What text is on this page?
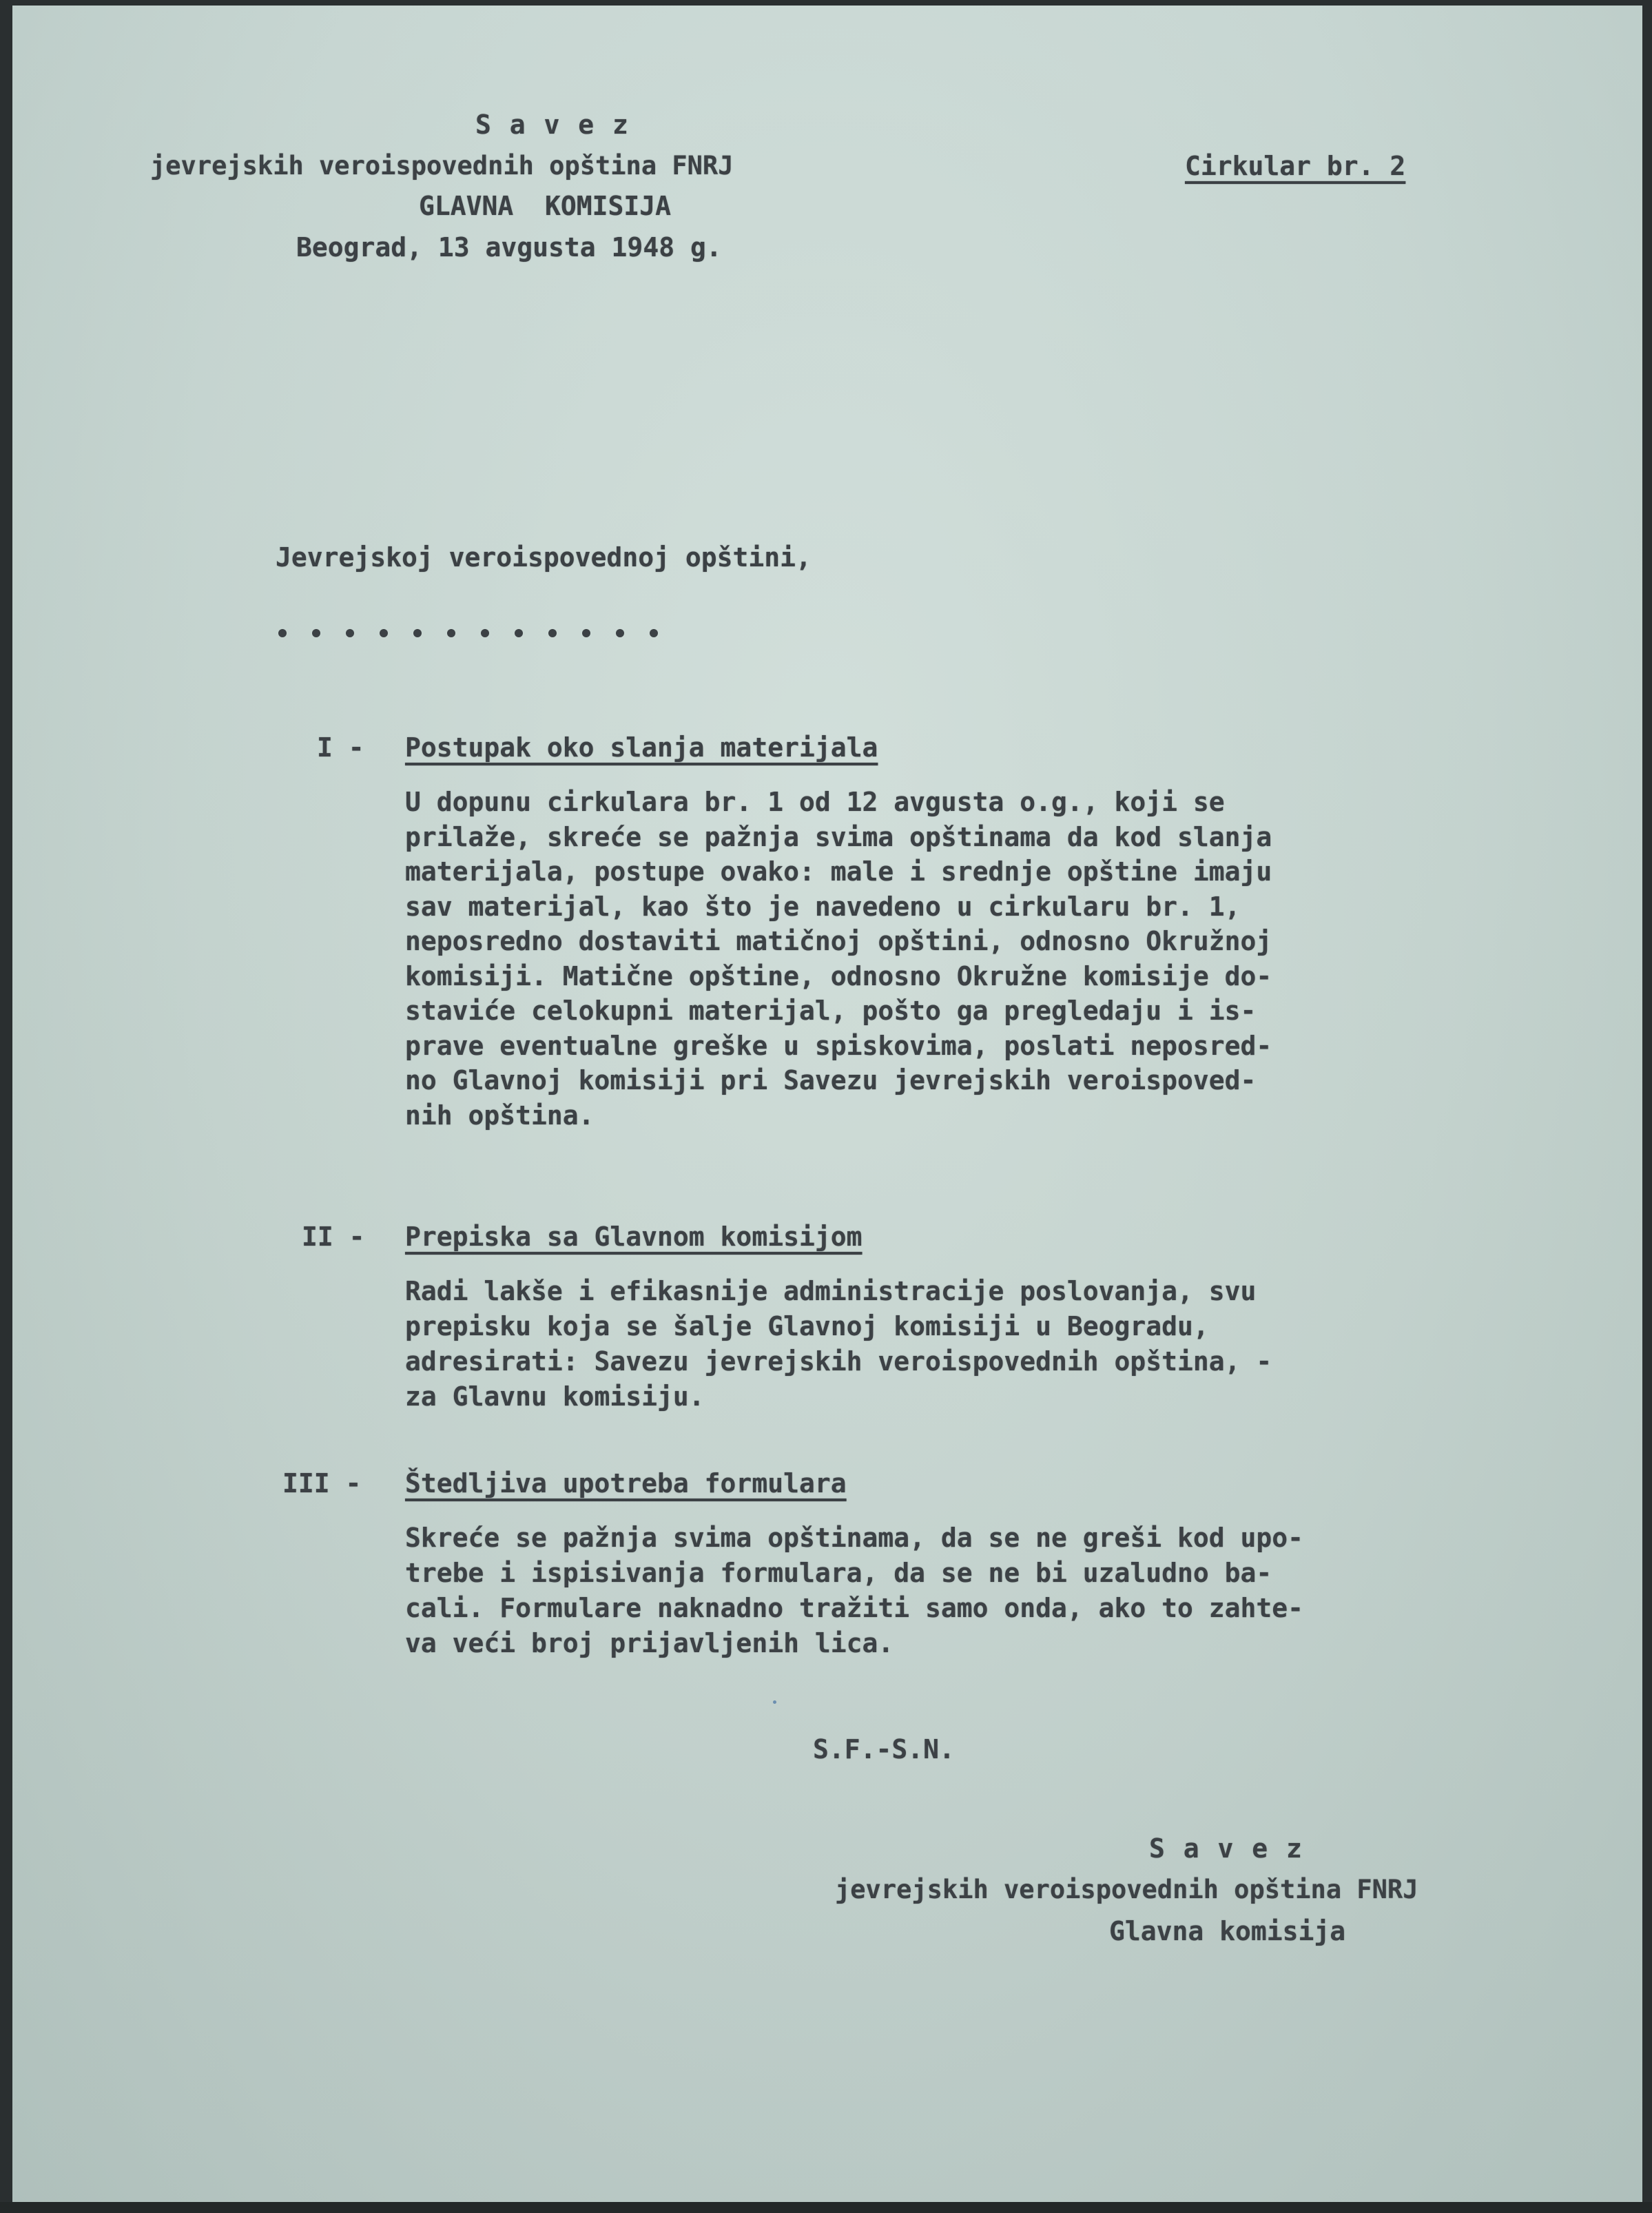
S a v e z
jevrejskih veroispovednih opština FNRJ
GLAVNA  KOMISIJA
Beograd, 13 avgusta 1948 g.
Cirkular br. 2
Jevrejskoj veroispovednoj opštini,
I - Postupak oko slanja materijala
U dopunu cirkulara br. 1 od 12 avgusta o.g., koji se
prilaže, skreće se pažnja svima opštinama da kod slanja
materijala, postupe ovako: male i srednje opštine imaju
sav materijal, kao što je navedeno u cirkularu br. 1,
neposredno dostaviti matičnoj opštini, odnosno Okružnoj
komisiji. Matične opštine, odnosno Okružne komisije do-
staviće celokupni materijal, pošto ga pregledaju i is-
prave eventualne greške u spiskovima, poslati neposred-
no Glavnoj komisiji pri Savezu jevrejskih veroispoved-
nih opština.
II - Prepiska sa Glavnom komisijom
Radi lakše i efikasnije administracije poslovanja, svu
prepisku koja se šalje Glavnoj komisiji u Beogradu,
adresirati: Savezu jevrejskih veroispovednih opština, -
za Glavnu komisiju.
III - Štedljiva upotreba formulara
Skreće se pažnja svima opštinama, da se ne greši kod upo-
trebe i ispisivanja formulara, da se ne bi uzaludno ba-
cali. Formulare naknadno tražiti samo onda, ako to zahte-
va veći broj prijavljenih lica.
S.F.-S.N.
S a v e z
jevrejskih veroispovednih opština FNRJ
Glavna komisija
